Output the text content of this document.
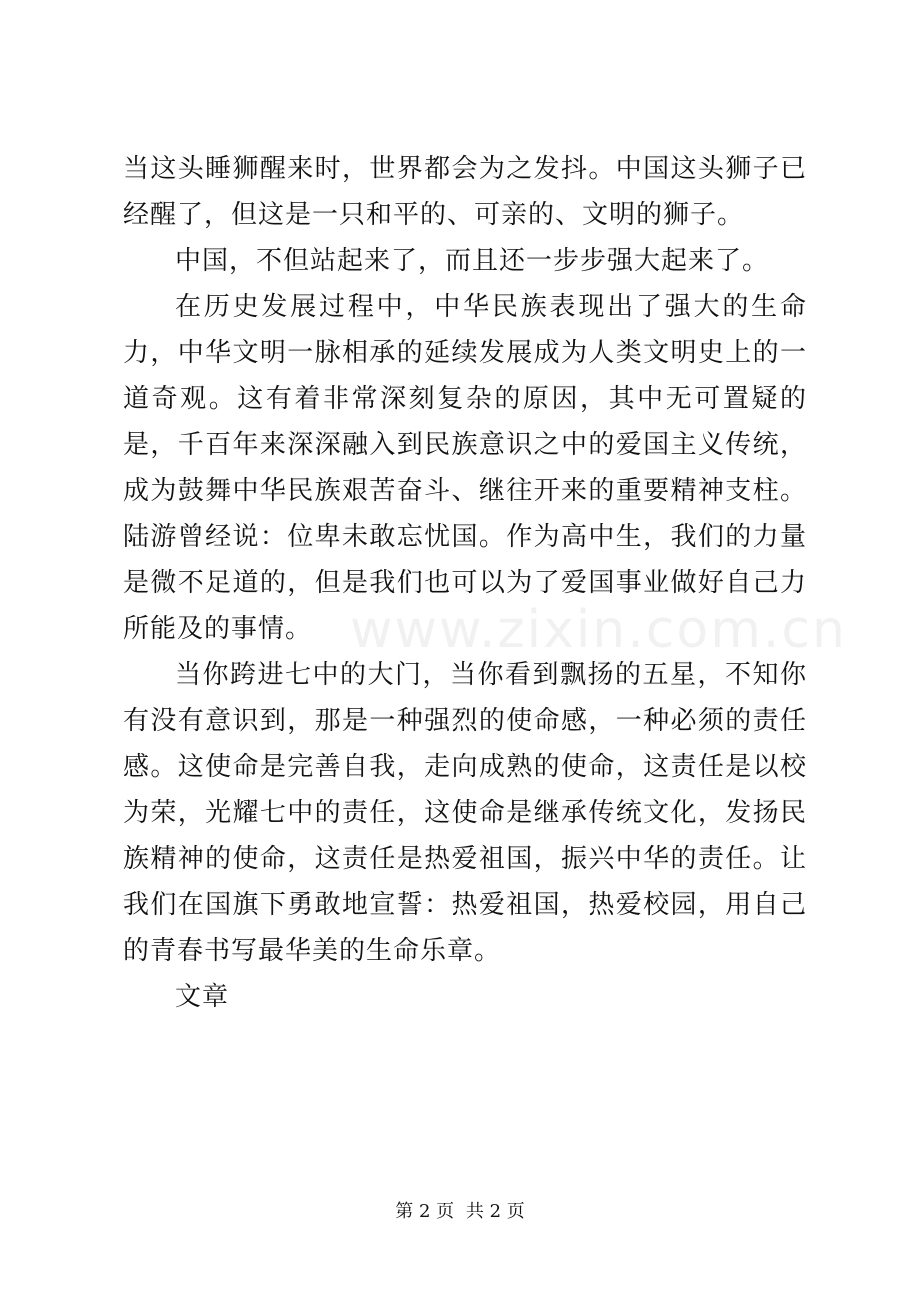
www.zixin.com.cn

当这头睡狮醒来时，世界都会为之发抖。中国这头狮子已经醒了，但这是一只和平的、可亲的、文明的狮子。

中国，不但站起来了，而且还一步步强大起来了。

在历史发展过程中，中华民族表现出了强大的生命力，中华文明一脉相承的延续发展成为人类文明史上的一道奇观。这有着非常深刻复杂的原因，其中无可置疑的是，千百年来深深融入到民族意识之中的爱国主义传统，成为鼓舞中华民族艰苦奋斗、继往开来的重要精神支柱。陆游曾经说：位卑未敢忘忧国。作为高中生，我们的力量是微不足道的，但是我们也可以为了爱国事业做好自己力所能及的事情。

当你跨进七中的大门，当你看到飘扬的五星，不知你有没有意识到，那是一种强烈的使命感，一种必须的责任感。这使命是完善自我，走向成熟的使命，这责任是以校为荣，光耀七中的责任，这使命是继承传统文化，发扬民族精神的使命，这责任是热爱祖国，振兴中华的责任。让我们在国旗下勇敢地宣誓：热爱祖国，热爱校园，用自己的青春书写最华美的生命乐章。

文章

第 2 页 共 2 页
